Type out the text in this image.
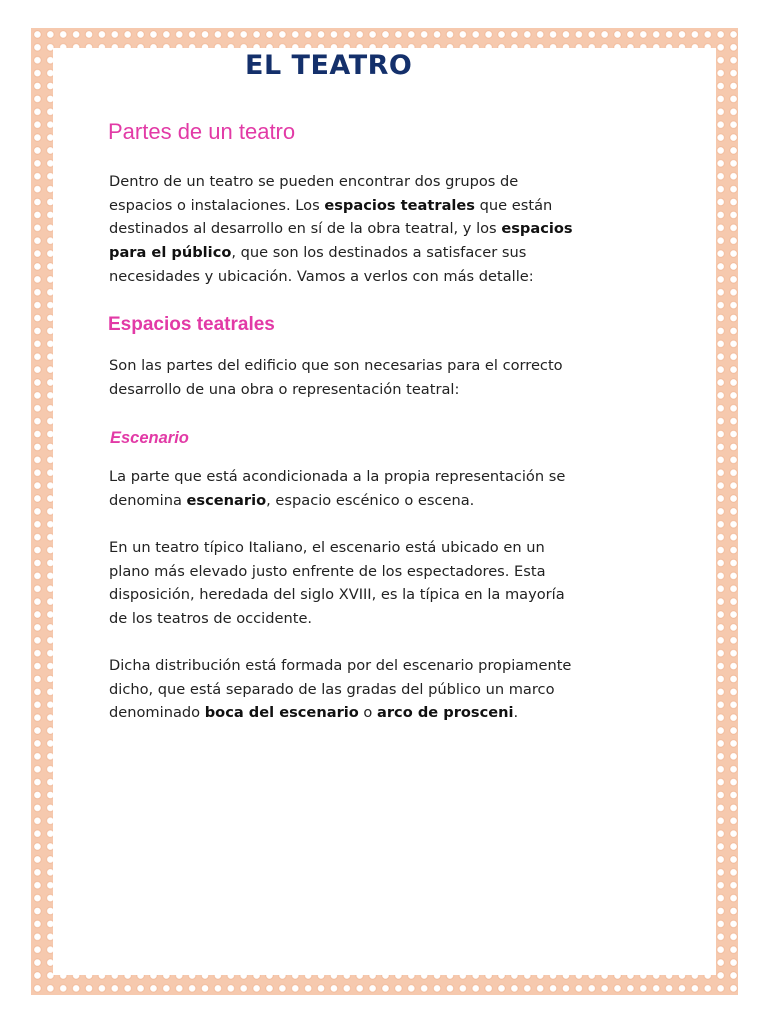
EL TEATRO
Partes de un teatro

Dentro de un teatro se pueden encontrar dos grupos de
espacios o instalaciones. Los espacios teatrales que están
destinados al desarrollo en sí de la obra teatral, y los espacios
para el público, que son los destinados a satisfacer sus
necesidades y ubicación. Vamos a verlos con más detalle:

Espacios teatrales

Son las partes del edificio que son necesarias para el correcto
desarrollo de una obra o representación teatral:

Escenario

La parte que está acondicionada a la propia representación se
denomina escenario, espacio escénico o escena.

En un teatro típico Italiano, el escenario está ubicado en un
plano más elevado justo enfrente de los espectadores. Esta
disposición, heredada del siglo XVIII, es la típica en la mayoría
de los teatros de occidente.

Dicha distribución está formada por del escenario propiamente
dicho, que está separado de las gradas del público un marco
denominado boca del escenario o arco de prosceni.
